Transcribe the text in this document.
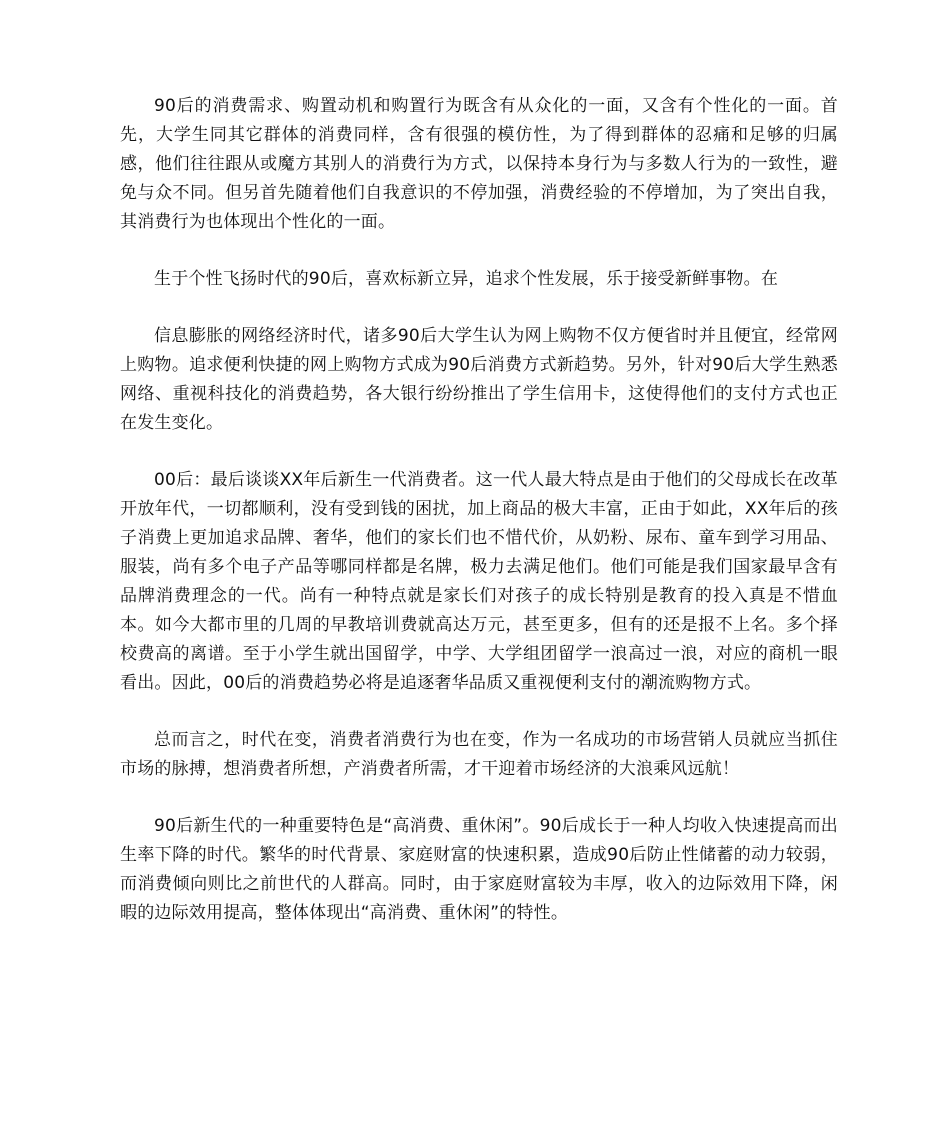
90后的消费需求、购置动机和购置行为既含有从众化的一面，又含有个性化的一面。首先，大学生同其它群体的消费同样，含有很强的模仿性，为了得到群体的忍痛和足够的归属感，他们往往跟从或魔方其别人的消费行为方式，以保持本身行为与多数人行为的一致性，避免与众不同。但另首先随着他们自我意识的不停加强，消费经验的不停增加，为了突出自我，其消费行为也体现出个性化的一面。

生于个性飞扬时代的90后，喜欢标新立异，追求个性发展，乐于接受新鲜事物。在

信息膨胀的网络经济时代，诸多90后大学生认为网上购物不仅方便省时并且便宜，经常网上购物。追求便利快捷的网上购物方式成为90后消费方式新趋势。另外，针对90后大学生熟悉网络、重视科技化的消费趋势，各大银行纷纷推出了学生信用卡，这使得他们的支付方式也正在发生变化。

00后：最后谈谈XX年后新生一代消费者。这一代人最大特点是由于他们的父母成长在改革开放年代，一切都顺利，没有受到钱的困扰，加上商品的极大丰富，正由于如此，XX年后的孩子消费上更加追求品牌、奢华，他们的家长们也不惜代价，从奶粉、尿布、童车到学习用品、服装，尚有多个电子产品等哪同样都是名牌，极力去满足他们。他们可能是我们国家最早含有品牌消费理念的一代。尚有一种特点就是家长们对孩子的成长特别是教育的投入真是不惜血本。如今大都市里的几周的早教培训费就高达万元，甚至更多，但有的还是报不上名。多个择校费高的离谱。至于小学生就出国留学，中学、大学组团留学一浪高过一浪，对应的商机一眼看出。因此，00后的消费趋势必将是追逐奢华品质又重视便利支付的潮流购物方式。

总而言之，时代在变，消费者消费行为也在变，作为一名成功的市场营销人员就应当抓住市场的脉搏，想消费者所想，产消费者所需，才干迎着市场经济的大浪乘风远航！

90后新生代的一种重要特色是“高消费、重休闲”。90后成长于一种人均收入快速提高而出生率下降的时代。繁华的时代背景、家庭财富的快速积累，造成90后防止性储蓄的动力较弱，而消费倾向则比之前世代的人群高。同时，由于家庭财富较为丰厚，收入的边际效用下降，闲暇的边际效用提高，整体体现出“高消费、重休闲”的特性。
